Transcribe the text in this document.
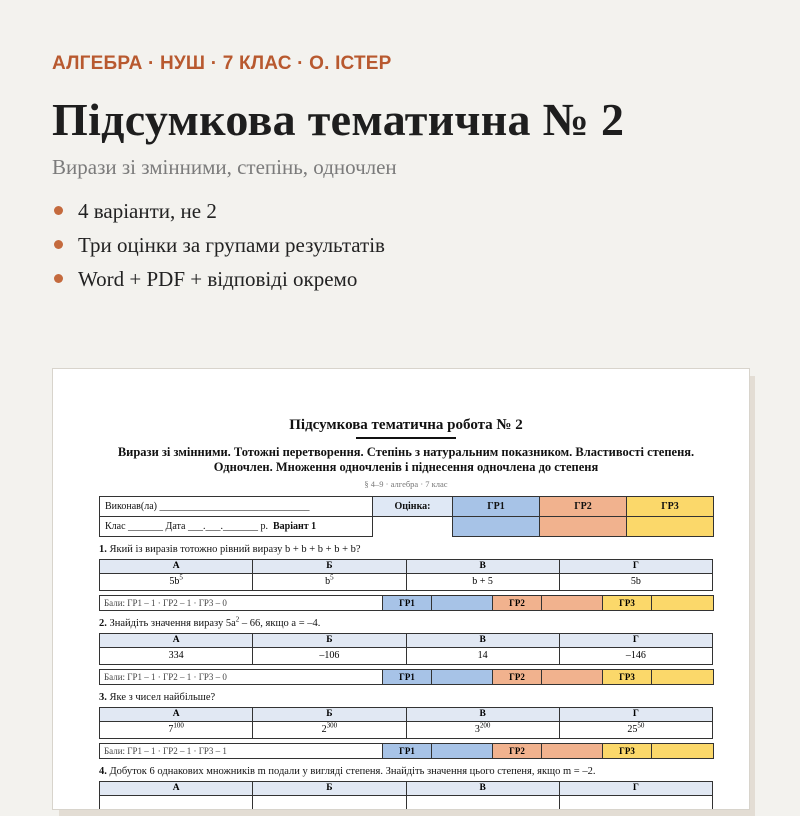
АЛГЕБРА · НУШ · 7 КЛАС · О. ІСТЕР

Підсумкова тематична № 2

Вирази зі змінними, степінь, одночлен

4 варіанти, не 2
Три оцінки за групами результатів
Word + PDF + відповіді окремо

Підсумкова тематична робота № 2

Вирази зі змінними. Тотожні перетворення. Степінь з натуральним показником. Властивості степеня. Одночлен. Множення одночленів і піднесення одночлена до степеня

§ 4–9 · алгебра · 7 клас

Виконав(ла) ______________________________	Оцінка:	ГР1	ГР2	ГР3
Клас _______ Дата ___.___._______ р. Варіант 1				

1. Який із виразів тотожно рівний виразу b + b + b + b + b?

А	Б	В	Г
$5b^5$	$b^5$	b + 5	5b
Бали: ГР1 – 1 · ГР2 – 1 · ГР3 – 0	ГР1		ГР2		ГР3	

2. Знайдіть значення виразу $5a^2 - 66$, якщо a = –4.

А	Б	В	Г
334	–106	14	–146
Бали: ГР1 – 1 · ГР2 – 1 · ГР3 – 0	ГР1		ГР2		ГР3	

3. Яке з чисел найбільше?

А	Б	В	Г
$7^{100}$	$2^{300}$	$3^{200}$	$25^{50}$
Бали: ГР1 – 1 · ГР2 – 1 · ГР3 – 1	ГР1		ГР2		ГР3	

4. Добуток 6 однакових множників m подали у вигляді степеня. Знайдіть значення цього степеня, якщо m = –2.

А	Б	В	Г
